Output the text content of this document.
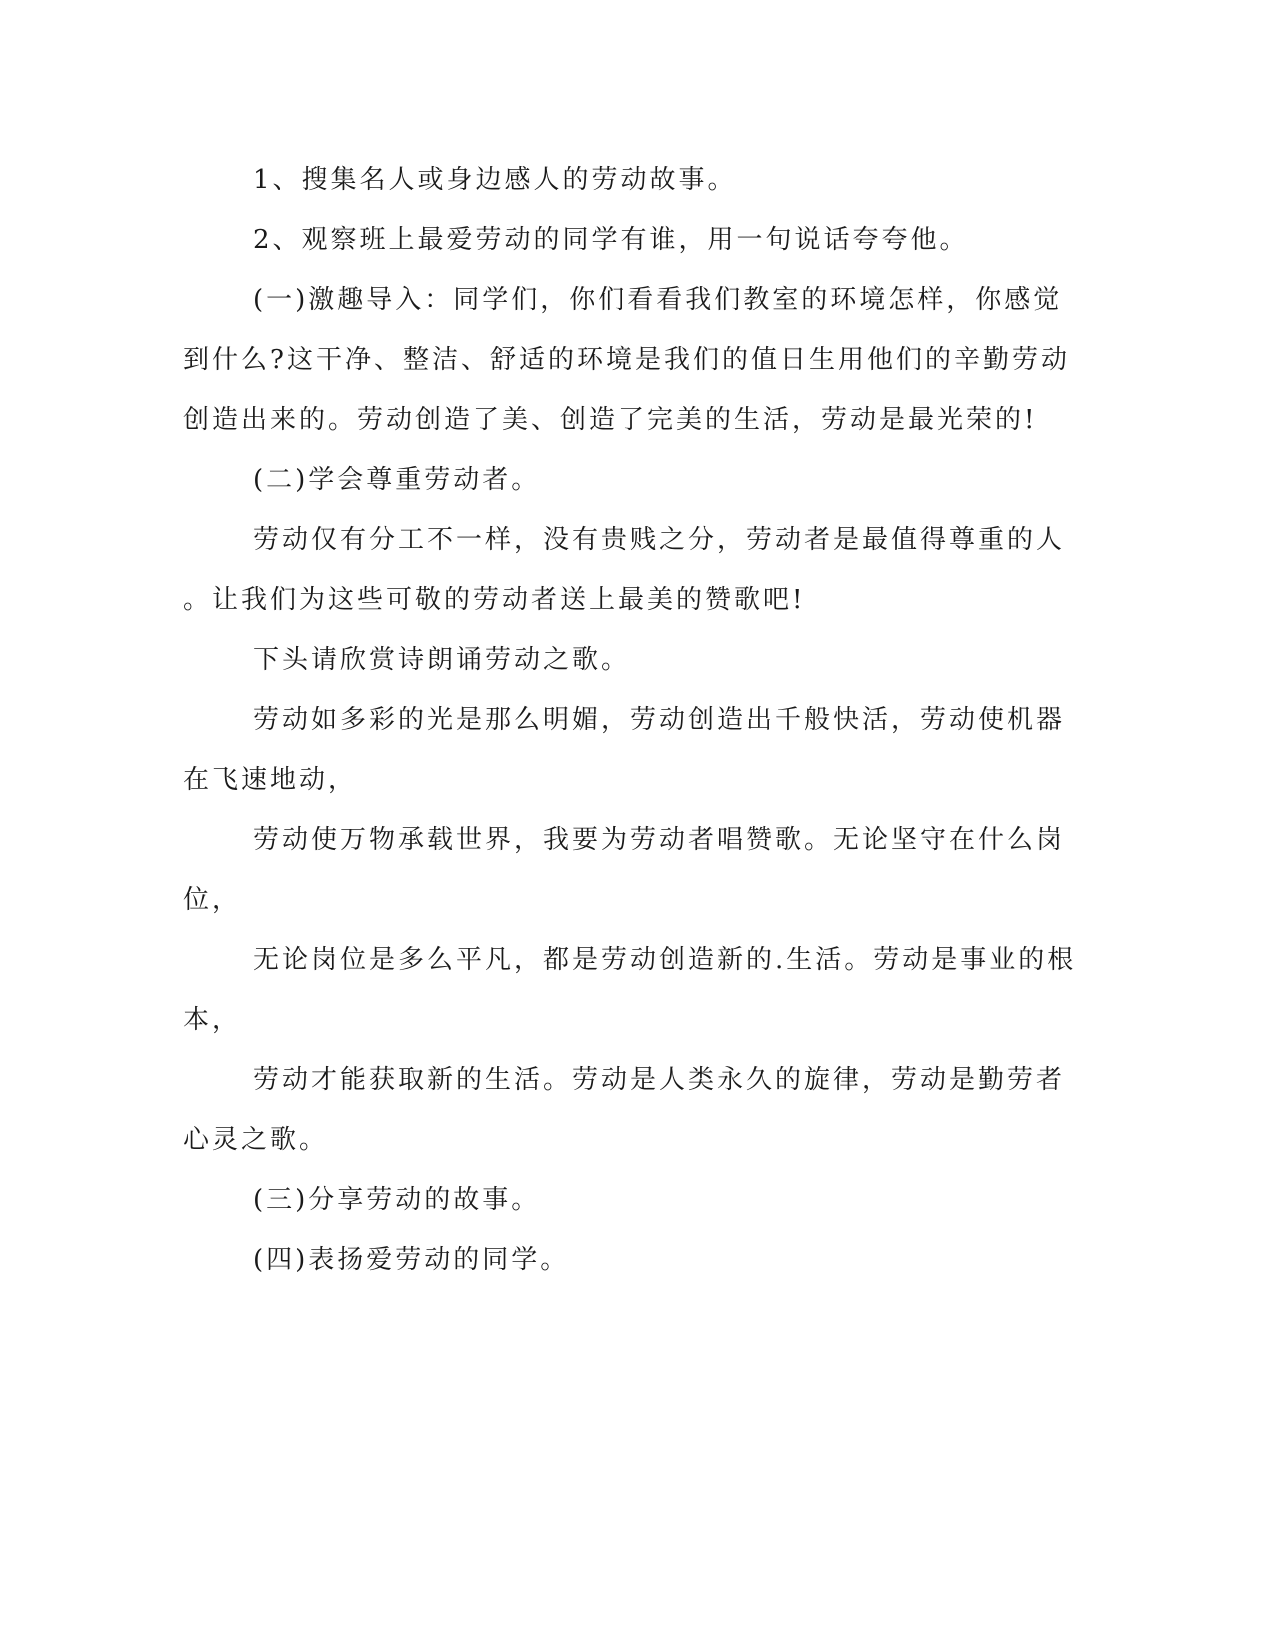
1、搜集名人或身边感人的劳动故事。

2、观察班上最爱劳动的同学有谁，用一句说话夸夸他。

(一)激趣导入：同学们，你们看看我们教室的环境怎样，你感觉

到什么?这干净、整洁、舒适的环境是我们的值日生用他们的辛勤劳动

创造出来的。劳动创造了美、创造了完美的生活，劳动是最光荣的!

(二)学会尊重劳动者。

劳动仅有分工不一样，没有贵贱之分，劳动者是最值得尊重的人

。让我们为这些可敬的劳动者送上最美的赞歌吧!

下头请欣赏诗朗诵劳动之歌。

劳动如多彩的光是那么明媚，劳动创造出千般快活，劳动使机器

在飞速地动，

劳动使万物承载世界，我要为劳动者唱赞歌。无论坚守在什么岗

位，

无论岗位是多么平凡，都是劳动创造新的.生活。劳动是事业的根

本，

劳动才能获取新的生活。劳动是人类永久的旋律，劳动是勤劳者

心灵之歌。

(三)分享劳动的故事。

(四)表扬爱劳动的同学。
